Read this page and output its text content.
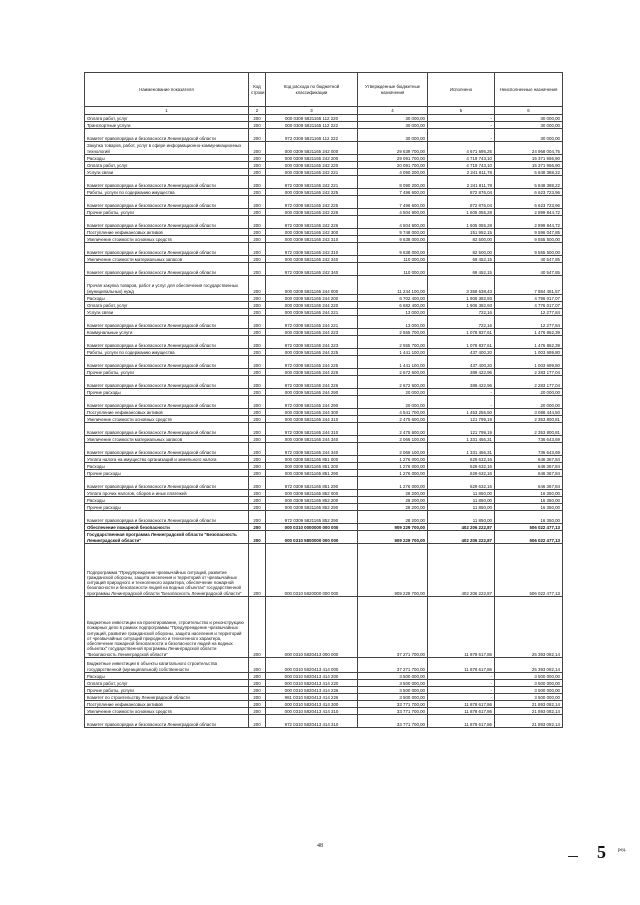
Наименование показателя	Код строки	Код расхода по бюджетной классификации	Утвержденные бюджетные назначения	Исполнено	Неисполненные назначения
1	2	3	4	5	6
Оплата работ, услуг	200	000 0309 5821165 112 220	30 000,00	-	30 000,00
Транспортные услуги	200	000 0309 5821165 112 222	30 000,00	-	30 000,00
Комитет правопорядка и безопасности Ленинградской области	200	972 0309 5821165 112 222	30 000,00	-	30 000,00
Закупка товаров, работ, услуг в сфере информационно-коммуникационных технологий	200	000 0309 5821165 242 000	29 639 700,00	4 671 695,25	24 968 004,75
Расходы	200	000 0309 5821165 242 200	29 091 700,00	4 719 743,10	15 371 956,90
Оплата работ, услуг	200	000 0309 5821165 242 220	20 091 700,00	4 719 743,10	15 371 956,90
Услуги связи	200	000 0309 5821165 242 221	4 090 200,00	2 241 811,78	5 848 388,22
Комитет правопорядка и безопасности Ленинградской области	200	972 0309 5821165 242 221	8 090 200,00	2 241 811,78	5 848 388,22
Работы, услуги по содержанию имущества	200	000 0309 5821165 242 225	7 496 600,00	872 876,04	6 623 723,96
Комитет правопорядка и безопасности Ленинградской области	200	972 0309 5821165 242 225	7 496 600,00	872 876,04	6 623 723,96
Прочие работы, услуги	200	000 0309 5821165 242 226	4 504 900,00	1 605 055,28	2 899 844,72
Комитет правопорядка и безопасности Ленинградской области	200	972 0309 5821165 242 226	4 504 900,00	1 605 055,28	2 899 844,72
Поступление нефинансовых активов	200	000 0309 5821165 242 300	9 748 000,00	151 952,15	9 596 047,85
Увеличение стоимости основных средств	200	000 0309 5821165 242 310	9 638 000,00	82 500,00	9 555 500,00
Комитет правопорядка и безопасности Ленинградской области	200	972 0309 5821165 242 310	9 638 000,00	82 500,00	9 555 500,00
Увеличение стоимости материальных запасов	200	000 0309 5821165 242 340	110 000,00	69 452,15	40 547,85
Комитет правопорядка и безопасности Ленинградской области	200	972 0309 5821165 242 340	110 000,00	69 452,15	40 547,85
Прочая закупка товаров, работ и услуг для обеспечения государственных (муниципальных) нужд	200	000 0309 5821165 244 000	11 244 100,00	3 359 638,43	7 884 461,57
Расходы	200	000 0309 5821165 244 200	6 702 400,00	1 906 382,93	4 796 017,07
Оплата работ, услуг	200	000 0309 5821165 244 220	6 682 400,00	1 906 382,93	4 776 017,07
Услуги связи	200	000 0309 5821165 244 221	13 000,00	722,16	12 277,84
Комитет правопорядка и безопасности Ленинградской области	200	972 0309 5821165 244 221	13 000,00	722,16	12 277,84
Коммунальные услуги	200	000 0309 5821165 244 223	2 555 700,00	1 078 837,61	1 476 862,39
Комитет правопорядка и безопасности Ленинградской области	200	972 0309 5821165 244 223	2 555 700,00	1 078 837,61	1 476 862,39
Работы, услуги по содержанию имущества	200	000 0309 5821165 244 225	1 441 100,00	437 400,20	1 003 699,80
Комитет правопорядка и безопасности Ленинградской области	200	972 0309 5821165 244 225	1 441 100,00	437 400,20	1 003 699,80
Прочие работы, услуги	200	000 0309 5821165 244 226	2 672 600,00	389 422,96	2 283 177,04
Комитет правопорядка и безопасности Ленинградской области	200	972 0309 5821165 244 226	2 672 600,00	389 422,96	2 283 177,04
Прочие расходы	200	000 0309 5821165 244 290	20 000,00	-	20 000,00
Комитет правопорядка и безопасности Ленинградской области	200	972 0309 5821165 244 290	20 000,00	-	20 000,00
Поступление нефинансовых активов	200	000 0309 5821165 244 300	4 541 700,00	1 453 255,50	3 088 444,50
Увеличение стоимости основных средств	200	000 0309 5821165 244 310	2 475 600,00	121 799,19	2 353 800,81
Комитет правопорядка и безопасности Ленинградской области	200	972 0309 5821165 244 310	2 475 600,00	121 799,19	2 353 800,81
Увеличение стоимости материальных запасов	200	000 0309 5821165 244 340	2 066 100,00	1 331 456,31	736 643,69
Комитет правопорядка и безопасности Ленинградской области	200	972 0309 5821165 244 340	2 066 100,00	1 331 456,31	736 643,69
Уплата налога на имущество организаций и земельного налога	200	000 0309 5821165 851 000	1 276 000,00	629 632,16	646 367,84
Расходы	200	000 0309 5821165 851 200	1 276 000,00	629 632,16	646 367,84
Прочие расходы	200	000 0309 5821165 851 290	1 276 000,00	629 632,16	646 367,84
Комитет правопорядка и безопасности Ленинградской области	200	972 0309 5821165 851 290	1 276 000,00	629 632,16	646 367,84
Уплата прочих налогов, сборов и иных платежей	200	000 0309 5821165 852 000	28 200,00	11 850,00	16 350,00
Расходы	200	000 0309 5821165 852 200	28 200,00	11 850,00	16 350,00
Прочие расходы	200	000 0309 5821165 852 290	28 200,00	11 850,00	16 350,00
Комитет правопорядка и безопасности Ленинградской области	200	972 0309 5821165 852 290	28 200,00	11 850,00	16 350,00
Обеспечение пожарной безопасности	200	000 0310 0000000 000 000	909 229 700,00	402 206 222,87	506 022 477,13
Государственная программа Ленинградской области "Безопасность Ленинградской области"	200	000 0310 5800000 000 000	909 229 700,00	402 206 222,87	506 022 477,13
Подпрограмма "Предупреждение чрезвычайных ситуаций, развитие гражданской обороны, защита населения и территорий от чрезвычайных ситуаций природного и техногенного характера, обеспечение пожарной безопасности и безопасности людей на водных объектах" государственной программы Ленинградской области "Безопасность Ленинградской области"	200	000 0310 5820000 000 000	909 229 700,00	402 206 222,87	506 022 477,13
Бюджетные инвестиции на проектирование, строительство и реконструкцию пожарных депо в рамках подпрограммы "Предупреждение чрезвычайных ситуаций, развитие гражданской обороны, защита населения и территорий от чрезвычайных ситуаций природного и техногенного характера, обеспечение пожарной безопасности и безопасности людей на водных объектах" государственной программы Ленинградской области "Безопасность Ленинградской области"	200	000 0310 5820413 000 000	37 271 700,00	11 878 617,86	25 393 082,14
Бюджетные инвестиции в объекты капитального строительства государственной (муниципальной) собственности	200	000 0310 5820413 414 000	37 271 700,00	11 878 617,86	25 393 082,14
Расходы	200	000 0310 5820413 414 200	3 500 000,00	-	3 500 000,00
Оплата работ, услуг	200	000 0310 5820413 414 220	3 500 000,00	-	3 500 000,00
Прочие работы, услуги	200	000 0310 5820413 414 226	3 500 000,00	-	3 500 000,00
Комитет по строительству Ленинградской области	200	981 0310 5820413 414 226	3 500 000,00	-	3 500 000,00
Поступление нефинансовых активов	200	000 0310 5820413 414 300	33 771 700,00	11 878 617,86	21 893 082,14
Увеличение стоимости основных средств	200	000 0310 5820413 414 310	33 771 700,00	11 878 617,86	21 893 082,14
Комитет правопорядка и безопасности Ленинградской области	200	972 0310 5820413 414 310	33 771 700,00	11 878 617,86	21 893 082,14
48	5 ред.
